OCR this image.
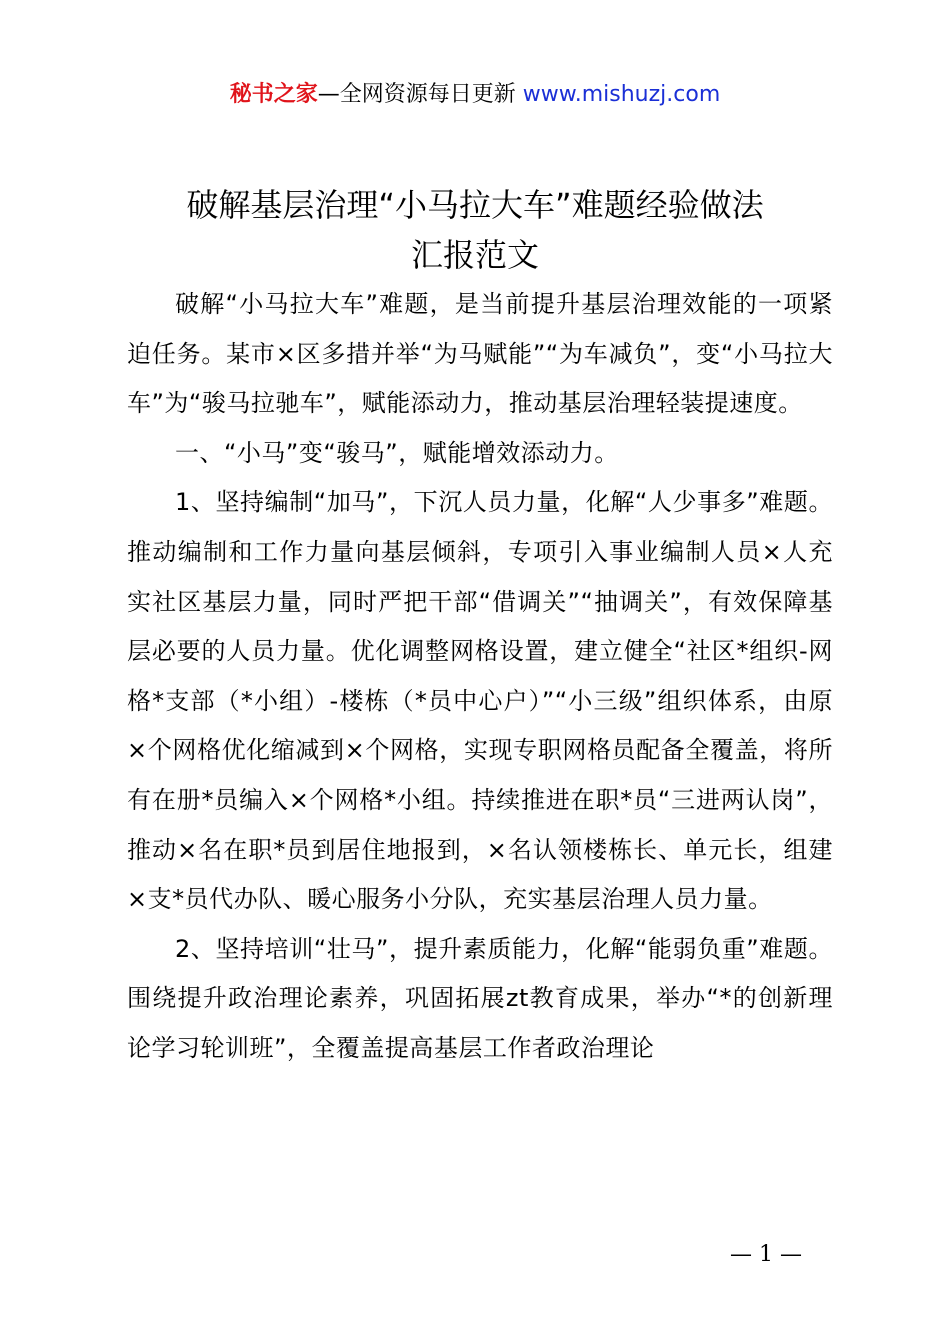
秘书之家—全网资源每日更新 www.mishuzj.com
破解基层治理“小马拉大车”难题经验做法
汇报范文

破解“小马拉大车”难题，是当前提升基层治理效能的一项紧迫任务。某市×区多措并举“为马赋能”“为车减负”，变“小马拉大车”为“骏马拉驰车”，赋能添动力，推动基层治理轻装提速度。

一、“小马”变“骏马”，赋能增效添动力。

1、坚持编制“加马”，下沉人员力量，化解“人少事多”难题。推动编制和工作力量向基层倾斜，专项引入事业编制人员×人充实社区基层力量，同时严把干部“借调关”“抽调关”，有效保障基层必要的人员力量。优化调整网格设置，建立健全“社区*组织-网格*支部（*小组）-楼栋（*员中心户）”“小三级”组织体系，由原×个网格优化缩减到×个网格，实现专职网格员配备全覆盖，将所有在册*员编入×个网格*小组。持续推进在职*员“三进两认岗”，推动×名在职*员到居住地报到，×名认领楼栋长、单元长，组建×支*员代办队、暖心服务小分队，充实基层治理人员力量。

2、坚持培训“壮马”，提升素质能力，化解“能弱负重”难题。围绕提升政治理论素养，巩固拓展zt教育成果，举办“*的创新理论学习轮训班”，全覆盖提高基层工作者政治理论

— 1 —
